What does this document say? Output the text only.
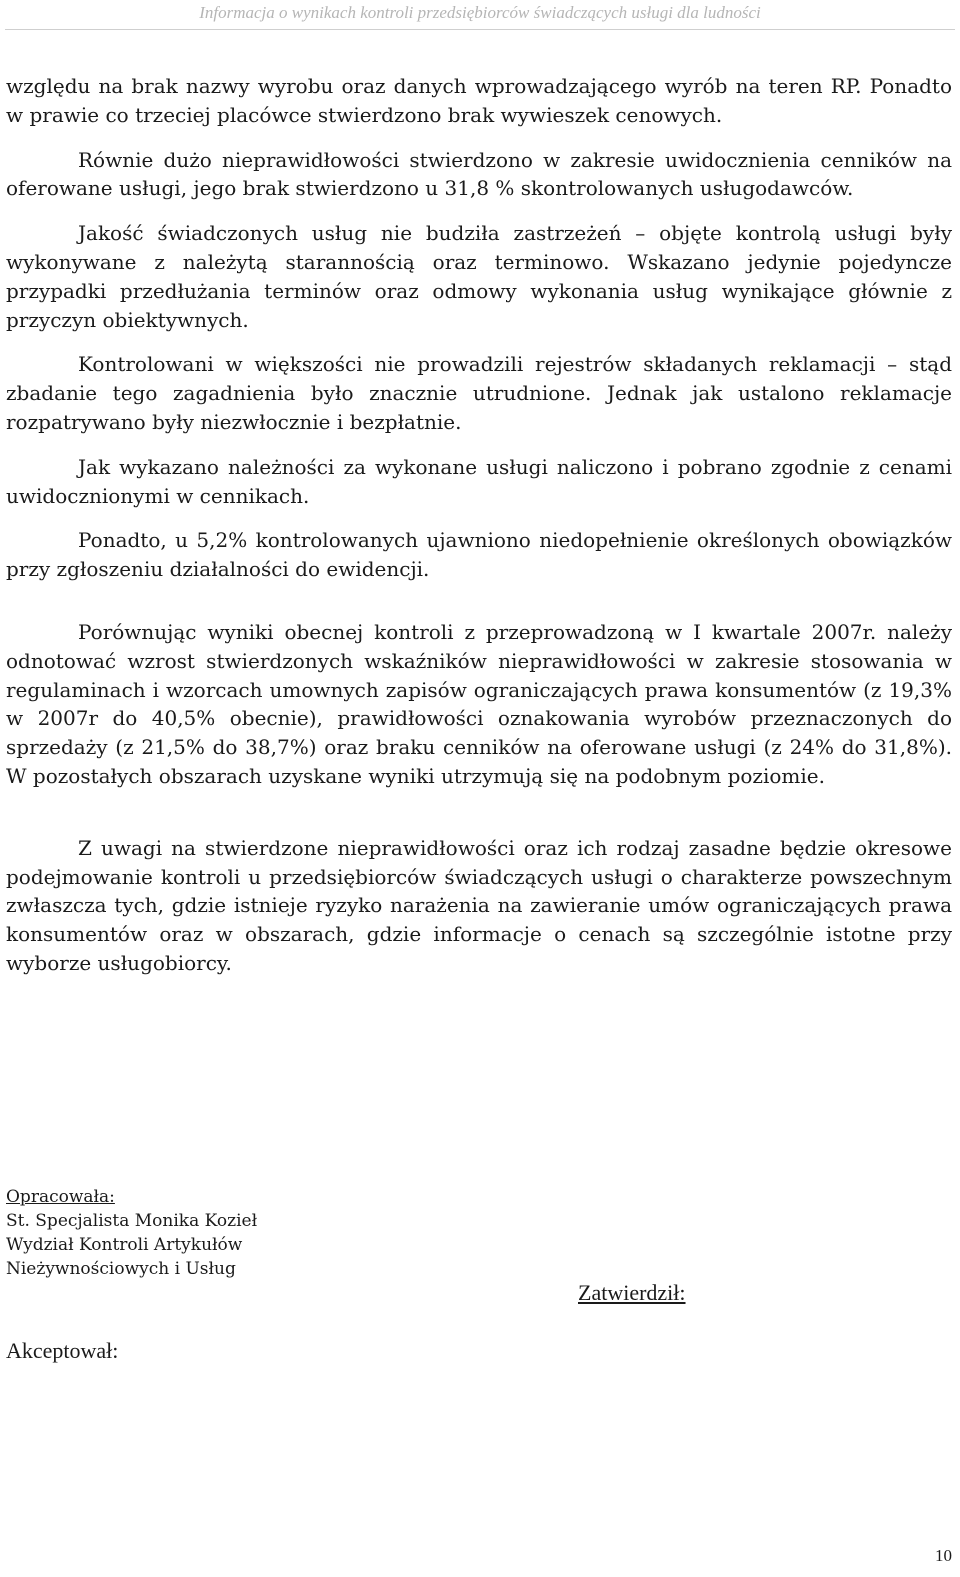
Informacja o wynikach kontroli przedsiębiorców świadczących usługi dla ludności

względu na brak nazwy wyrobu oraz danych wprowadzającego wyrób na teren RP. Ponadto w prawie co trzeciej placówce stwierdzono brak wywieszek cenowych.

Równie dużo nieprawidłowości stwierdzono w zakresie uwidocznienia cenników na oferowane usługi, jego brak stwierdzono u 31,8 % skontrolowanych usługodawców.

Jakość świadczonych usług nie budziła zastrzeżeń – objęte kontrolą usługi były wykonywane z należytą starannością oraz terminowo. Wskazano jedynie pojedyncze przypadki przedłużania terminów oraz odmowy wykonania usług wynikające głównie z przyczyn obiektywnych.

Kontrolowani w większości nie prowadzili rejestrów składanych reklamacji – stąd zbadanie tego zagadnienia było znacznie utrudnione. Jednak jak ustalono reklamacje rozpatrywano były niezwłocznie i bezpłatnie.

Jak wykazano należności za wykonane usługi naliczono i pobrano zgodnie z cenami uwidocznionymi w cennikach.

Ponadto, u 5,2% kontrolowanych ujawniono niedopełnienie określonych obowiązków przy zgłoszeniu działalności do ewidencji.

Porównując wyniki obecnej kontroli z przeprowadzoną w I kwartale 2007r. należy odnotować wzrost stwierdzonych wskaźników nieprawidłowości w zakresie stosowania w regulaminach i wzorcach umownych zapisów ograniczających prawa konsumentów (z 19,3% w 2007r do 40,5% obecnie), prawidłowości oznakowania wyrobów przeznaczonych do sprzedaży (z 21,5% do 38,7%) oraz braku cenników na oferowane usługi (z 24% do 31,8%). W pozostałych obszarach uzyskane wyniki utrzymują się na podobnym poziomie.

Z uwagi na stwierdzone nieprawidłowości oraz ich rodzaj zasadne będzie okresowe podejmowanie kontroli u przedsiębiorców świadczących usługi o charakterze powszechnym zwłaszcza tych, gdzie istnieje ryzyko narażenia na zawieranie umów ograniczających prawa konsumentów oraz w obszarach, gdzie informacje o cenach są szczególnie istotne przy wyborze usługobiorcy.

Opracowała:
St. Specjalista Monika Kozieł
Wydział Kontroli Artykułów
Nieżywnościowych i Usług
Zatwierdził:
Akceptował:
10
